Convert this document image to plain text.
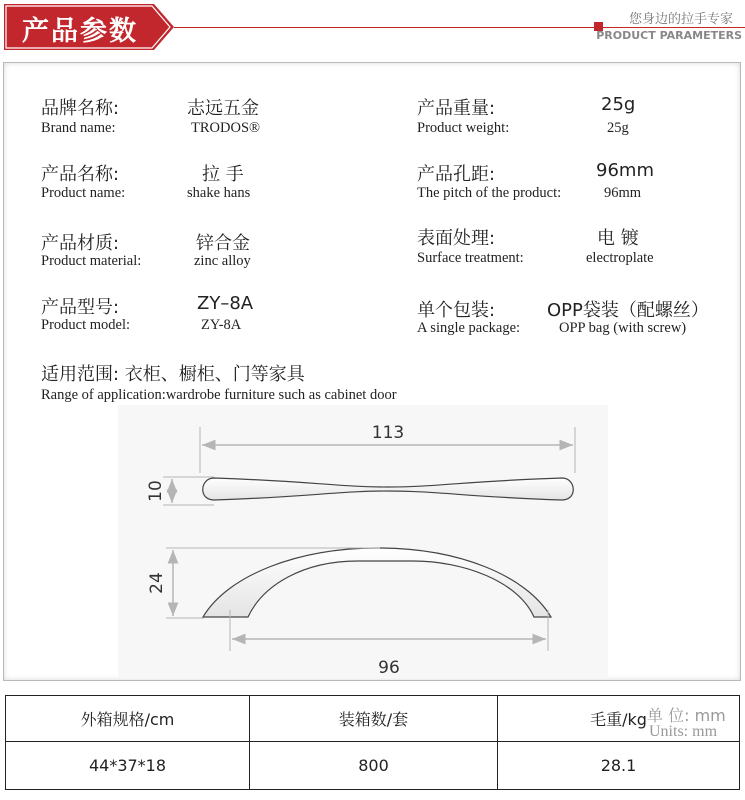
产品参数	您身边的拉手专家
PRODUCT PARAMETERS
品牌名称:
Brand name:
志远五金
TRODOS®
产品重量:
Product weight:
25g
25g
产品名称:
Product name:
拉 手
shake hans
产品孔距:
The pitch of the product:
96mm
96mm
产品材质:
Product material:
锌合金
zinc alloy
表面处理:
Surface treatment:
电 镀
electroplate
产品型号:
Product model:
ZY–8A
ZY-8A
单个包装:
A single package:
OPP袋装（配螺丝）
OPP bag (with screw)
适用范围: 衣柜、橱柜、门等家具
Range of application:wardrobe furniture such as cabinet door
单 位: mm
Units: mm
113
10
24
96
外箱规格/cm	装箱数/套	毛重/kg
44*37*18	800	28.1
